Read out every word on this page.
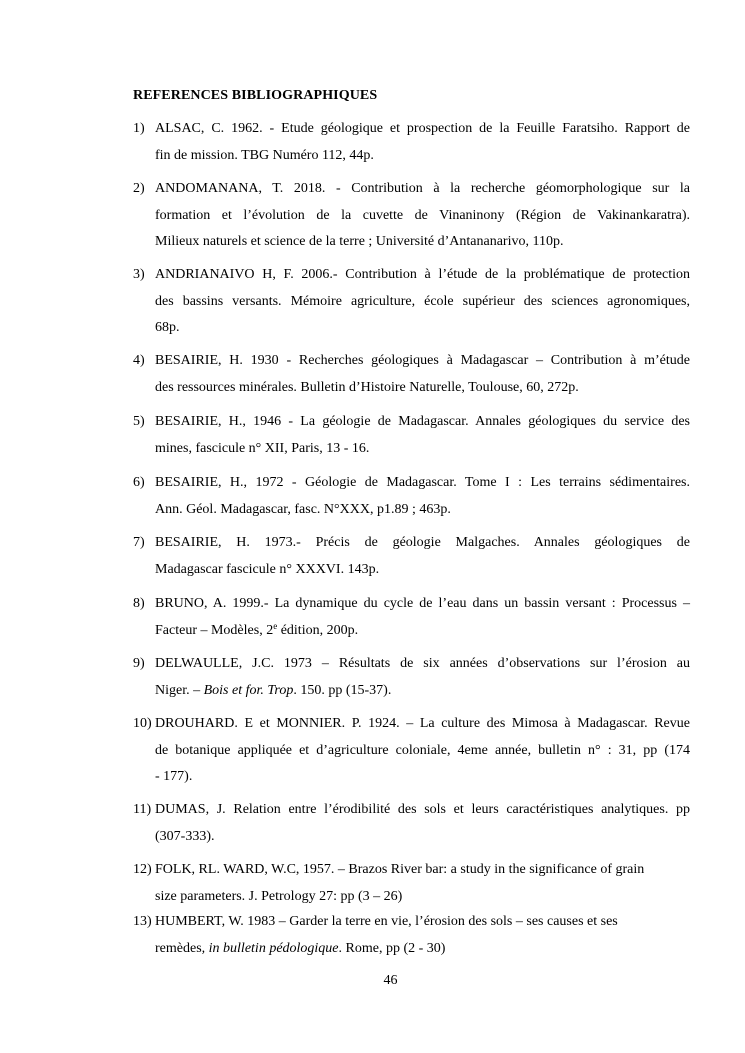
REFERENCES BIBLIOGRAPHIQUES
1) ALSAC, C. 1962. - Etude géologique et prospection de la Feuille Faratsiho. Rapport de
fin de mission. TBG Numéro 112, 44p.
2) ANDOMANANA, T. 2018. - Contribution à la recherche géomorphologique sur la
formation et l’évolution de la cuvette de Vinaninony (Région de Vakinankaratra).
Milieux naturels et science de la terre ; Université d’Antananarivo, 110p.
3) ANDRIANAIVO H, F. 2006.- Contribution à l’étude de la problématique de protection
des bassins versants. Mémoire agriculture, école supérieur des sciences agronomiques,
68p.
4) BESAIRIE, H. 1930 - Recherches géologiques à Madagascar – Contribution à m’étude
des ressources minérales. Bulletin d’Histoire Naturelle, Toulouse, 60, 272p.
5) BESAIRIE, H., 1946 - La géologie de Madagascar. Annales géologiques du service des
mines, fascicule n° XII, Paris, 13 - 16.
6) BESAIRIE, H., 1972 - Géologie de Madagascar. Tome I : Les terrains sédimentaires.
Ann. Géol. Madagascar, fasc. N°XXX, p1.89 ; 463p.
7) BESAIRIE, H. 1973.- Précis de géologie Malgaches. Annales géologiques de
Madagascar fascicule n° XXXVI. 143p.
8) BRUNO, A. 1999.- La dynamique du cycle de l’eau dans un bassin versant : Processus –
Facteur – Modèles, 2e édition, 200p.
9) DELWAULLE, J.C. 1973 – Résultats de six années d’observations sur l’érosion au
Niger. – Bois et for. Trop. 150. pp (15-37).
10) DROUHARD. E et MONNIER. P. 1924. – La culture des Mimosa à Madagascar. Revue
de botanique appliquée et d’agriculture coloniale, 4eme année, bulletin n° : 31, pp (174
- 177).
11) DUMAS, J. Relation entre l’érodibilité des sols et leurs caractéristiques analytiques. pp
(307-333).
12) FOLK, RL. WARD, W.C, 1957. – Brazos River bar: a study in the significance of grain
size parameters. J. Petrology 27: pp (3 – 26)
13) HUMBERT, W. 1983 – Garder la terre en vie, l’érosion des sols – ses causes et ses
remèdes, in bulletin pédologique. Rome, pp (2 - 30)
46
